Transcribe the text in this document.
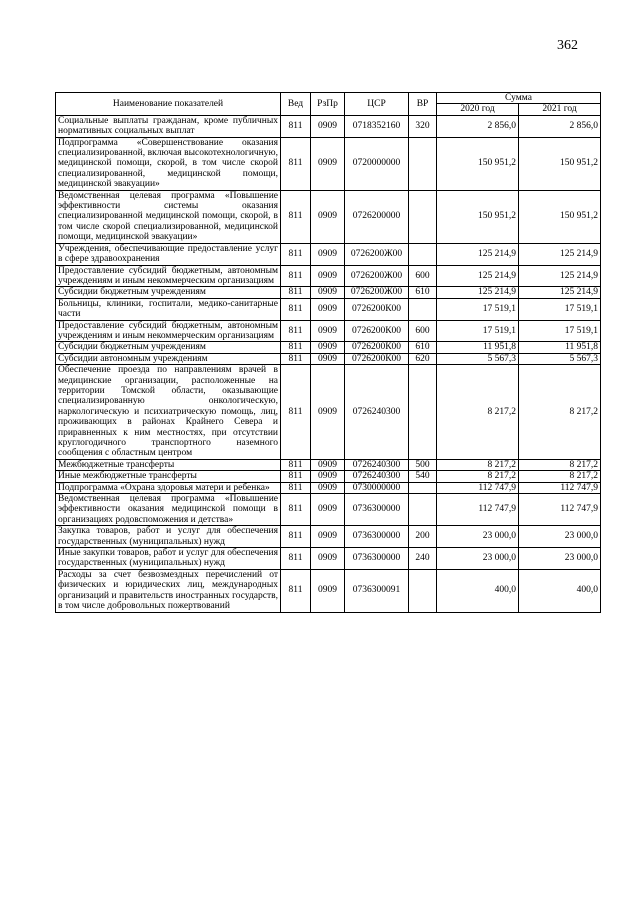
362
Наименование показателей	Вед	РзПр	ЦСР	ВР	Сумма	
					2020 год	2021 год
Социальные выплаты гражданам, кроме публичных нормативных социальных выплат	811	0909	0718352160	320	2 856,0	2 856,0
Подпрограмма «Совершенствование оказания специализированной, включая высокотехнологичную, медицинской помощи, скорой, в том числе скорой специализированной, медицинской помощи, медицинской эвакуации»	811	0909	0720000000		150 951,2	150 951,2
Ведомственная целевая программа «Повышение эффективности системы оказания специализированной медицинской помощи, скорой, в том числе скорой специализированной, медицинской помощи, медицинской эвакуации»	811	0909	0726200000		150 951,2	150 951,2
Учреждения, обеспечивающие предоставление услуг в сфере здравоохранения	811	0909	0726200Ж00		125 214,9	125 214,9
Предоставление субсидий бюджетным, автономным учреждениям и иным некоммерческим организациям	811	0909	0726200Ж00	600	125 214,9	125 214,9
Субсидии бюджетным учреждениям	811	0909	0726200Ж00	610	125 214,9	125 214,9
Больницы, клиники, госпитали, медико-санитарные части	811	0909	0726200К00		17 519,1	17 519,1
Предоставление субсидий бюджетным, автономным учреждениям и иным некоммерческим организациям	811	0909	0726200К00	600	17 519,1	17 519,1
Субсидии бюджетным учреждениям	811	0909	0726200К00	610	11 951,8	11 951,8
Субсидии автономным учреждениям	811	0909	0726200К00	620	5 567,3	5 567,3
Обеспечение проезда по направлениям врачей в медицинские организации, расположенные на территории Томской области, оказывающие специализированную онкологическую, наркологическую и психиатрическую помощь, лиц, проживающих в районах Крайнего Севера и приравненных к ним местностях, при отсутствии круглогодичного транспортного наземного сообщения с областным центром	811	0909	0726240300		8 217,2	8 217,2
Межбюджетные трансферты	811	0909	0726240300	500	8 217,2	8 217,2
Иные межбюджетные трансферты	811	0909	0726240300	540	8 217,2	8 217,2
Подпрограмма «Охрана здоровья матери и ребенка»	811	0909	0730000000		112 747,9	112 747,9
Ведомственная целевая программа «Повышение эффективности оказания медицинской помощи в организациях родовспоможения и детства»	811	0909	0736300000		112 747,9	112 747,9
Закупка товаров, работ и услуг для обеспечения государственных (муниципальных) нужд	811	0909	0736300000	200	23 000,0	23 000,0
Иные закупки товаров, работ и услуг для обеспечения государственных (муниципальных) нужд	811	0909	0736300000	240	23 000,0	23 000,0
Расходы за счет безвозмездных перечислений от физических и юридических лиц, международных организаций и правительств иностранных государств, в том числе добровольных пожертвований	811	0909	0736300091		400,0	400,0
